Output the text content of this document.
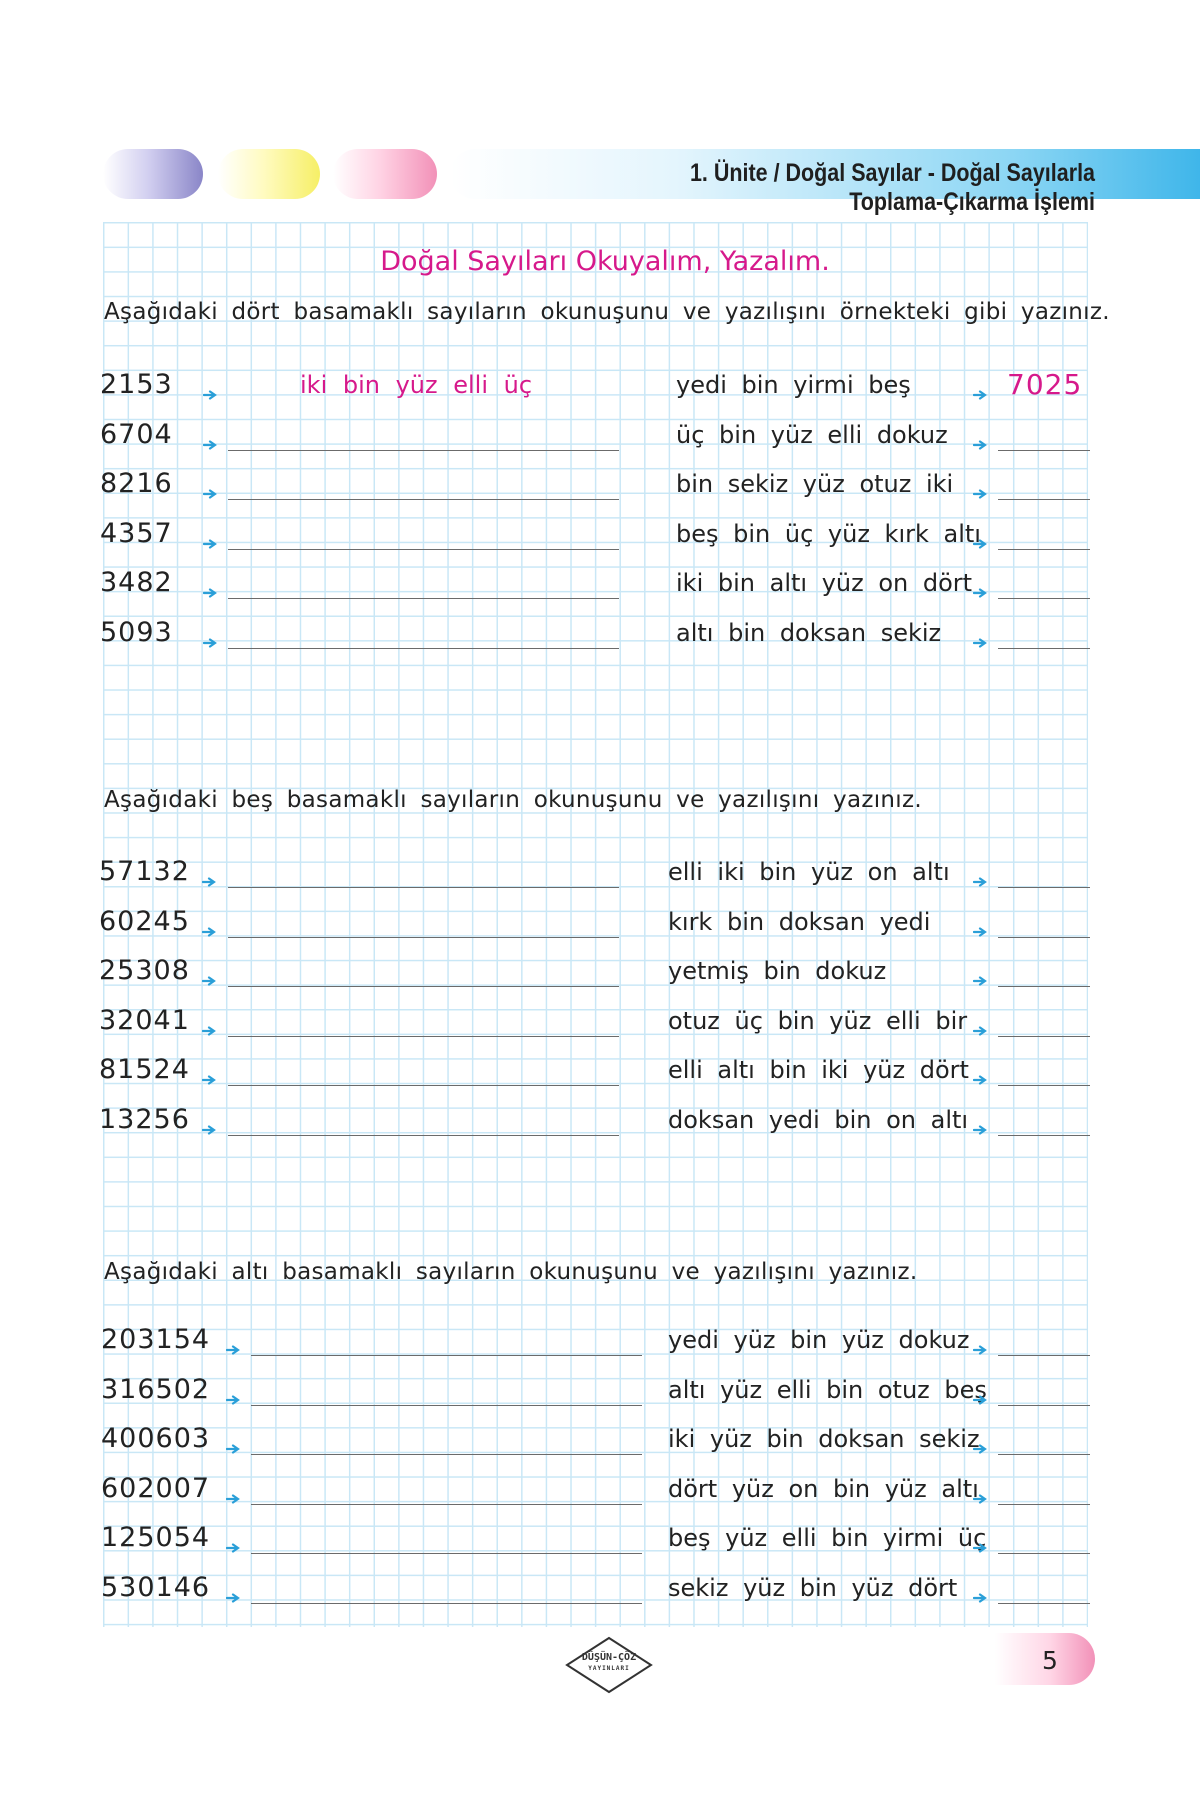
1. Ünite / Doğal Sayılar - Doğal Sayılarla Toplama-Çıkarma İşlemi
Doğal Sayıları Okuyalım, Yazalım.
Aşağıdaki dört basamaklı sayıların okunuşunu ve yazılışını örnekteki gibi yazınız.
Aşağıdaki beş basamaklı sayıların okunuşunu ve yazılışını yazınız.
Aşağıdaki altı basamaklı sayıların okunuşunu ve yazılışını yazınız.
2153	iki bin yüz elli üç	yedi bin yirmi beş	7025
6704	üç bin yüz elli dokuz
8216	bin sekiz yüz otuz iki
4357	beş bin üç yüz kırk altı
3482	iki bin altı yüz on dört
5093	altı bin doksan sekiz
57132	elli iki bin yüz on altı
60245	kırk bin doksan yedi
25308	yetmiş bin dokuz
32041	otuz üç bin yüz elli bir
81524	elli altı bin iki yüz dört
13256	doksan yedi bin on altı
203154	yedi yüz bin yüz dokuz
316502	altı yüz elli bin otuz beş
400603	iki yüz bin doksan sekiz
602007	dört yüz on bin yüz altı
125054	beş yüz elli bin yirmi üç
530146	sekiz yüz bin yüz dört
DÜŞÜN-ÇÖZ
YAYINLARI	5
